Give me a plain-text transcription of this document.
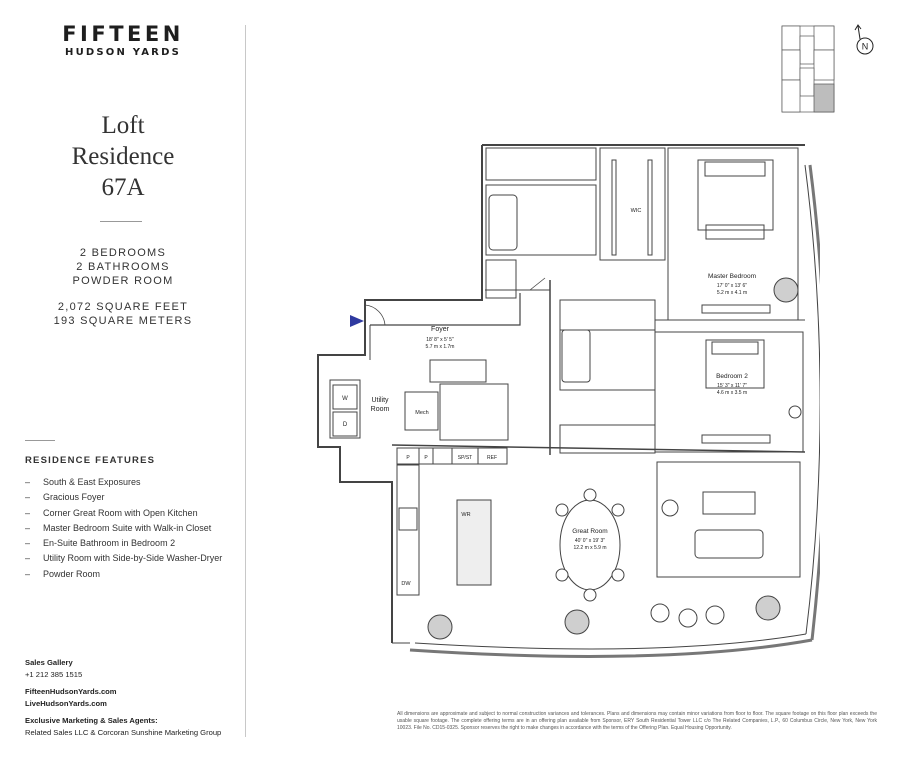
FIFTEEN
HUDSON YARDS
Loft
Residence
67A
2 BEDROOMS
2 BATHROOMS
POWDER ROOM
2,072 SQUARE FEET
193 SQUARE METERS
RESIDENCE FEATURES
– South & East Exposures
– Gracious Foyer
– Corner Great Room with Open Kitchen
– Master Bedroom Suite with Walk-in Closet
– En-Suite Bathroom in Bedroom 2
– Utility Room with Side-by-Side Washer-Dryer
– Powder Room
Sales Gallery
+1 212 385 1515
FifteenHudsonYards.com
LiveHudsonYards.com
Exclusive Marketing & Sales Agents:
Related Sales LLC & Corcoran Sunshine Marketing Group
N
Foyer
18' 8" x 5' 5"
5.7 m x 1.7m
Utility
Room
Master Bedroom
17' 0" x 13' 6"
5.2 m x 4.1 m
Bedroom 2
15' 3" x 11' 7"
4.6 m x 3.5 m
Great Room
40' 0" x 19' 3"
12.2 m x 5.9 m
WIC
Mech
W
D
WR
DW
P	P	SP/ST	REF
All dimensions are approximate and subject to normal construction variances and tolerances. Plans and dimensions may contain minor variations from floor to floor. The square footage on this floor plan exceeds the usable square footage. The complete offering terms are in an offering plan available from Sponsor, ERY South Residential Tower LLC c/o The Related Companies, L.P., 60 Columbus Circle, New York, New York 10023. File No. CD15-0325. Sponsor reserves the right to make changes in accordance with the terms of the Offering Plan. Equal Housing Opportunity.
